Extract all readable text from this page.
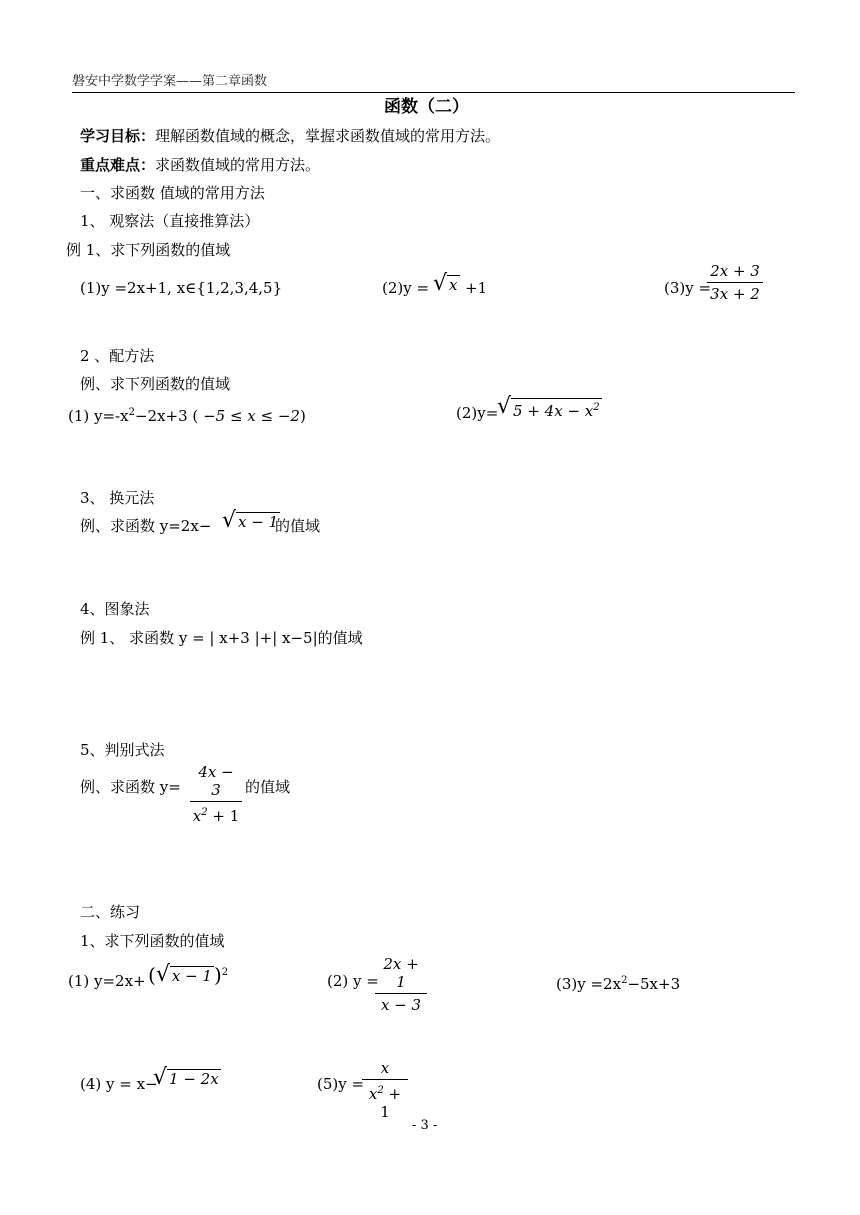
磐安中学数学学案——第二章函数
函数（二）
学习目标：理解函数值域的概念，掌握求函数值域的常用方法。
重点难点：求函数值域的常用方法。
一、求函数 值域的常用方法
1、 观察法（直接推算法）
例 1、求下列函数的值域
(1)y =2x+1, x∈{1,2,3,4,5}	(2)y = √ x +1	(3)y =
2x + 3
3x + 2
2 、配方法
例、求下列函数的值域
(1) $y=-x^2-2x+3$ ( −5 ≤ x ≤ −2)	(2)y=
√ $5 + 4x - x^2$
3、 换元法
例、求函数 y=2x− √ x − 1
的值域
4、图象法
例 1、 求函数 y = | x+3 |+| x−5|的值域
5、判别式法
例、求函数 y=
4x − 3
$x^2 + 1$
的值域
二、练习
1、求下列函数的值域
(1) y=2x+ (√ x − 1 )$^2$	(2) y =
2x + 1
x − 3
$(3)y =2x^2-5x+3$
(4) y = x−
√ 1 − 2x	(5)y =
x
$x^2 + 1$
- 3 -
